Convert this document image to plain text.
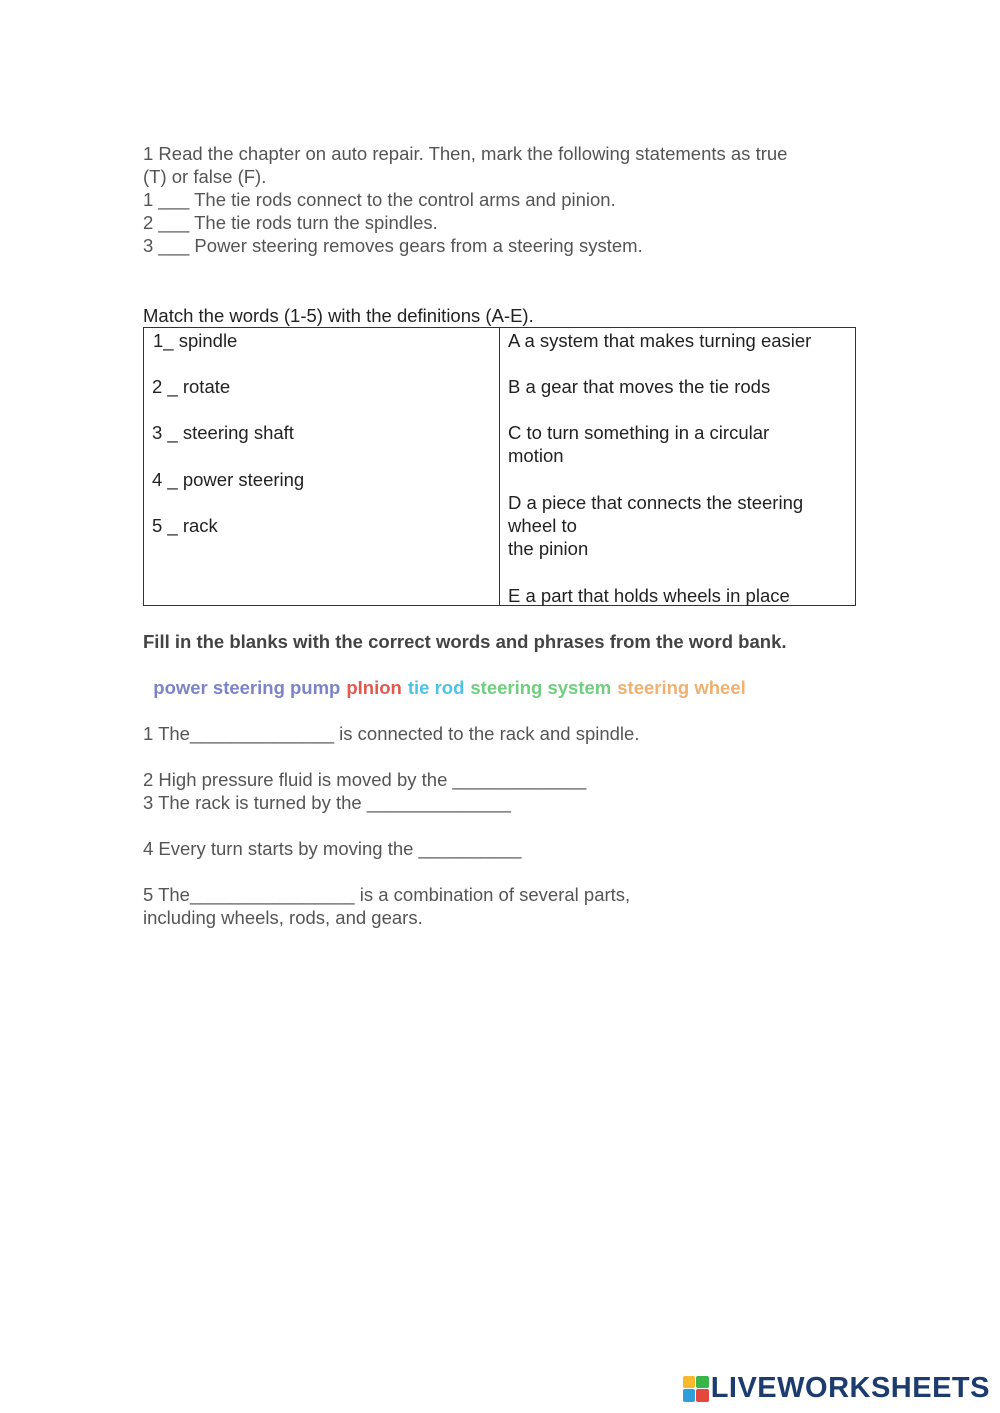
1 Read the chapter on auto repair. Then, mark the following statements as true
(T) or false (F).
1 ___ The tie rods connect to the control arms and pinion.
2 ___ The tie rods turn the spindles.
3 ___ Power steering removes gears from a steering system.
Match the words (1-5) with the definitions (A-E).
1_ spindle
2 _ rotate
3 _ steering shaft
4 _ power steering
5 _ rack
A a system that makes turning easier
B a gear that moves the tie rods
C to turn something in a circular
motion
D a piece that connects the steering
wheel to
the pinion
E a part that holds wheels in place
Fill in the blanks with the correct words and phrases from the word bank.

power steering pump pInion tie rod steering system steering wheel

1 The______________ is connected to the rack and spindle.
2 High pressure fluid is moved by the _____________
3 The rack is turned by the ______________
4 Every turn starts by moving the __________
5 The________________ is a combination of several parts,
including wheels, rods, and gears.
LIVEWORKSHEETS
